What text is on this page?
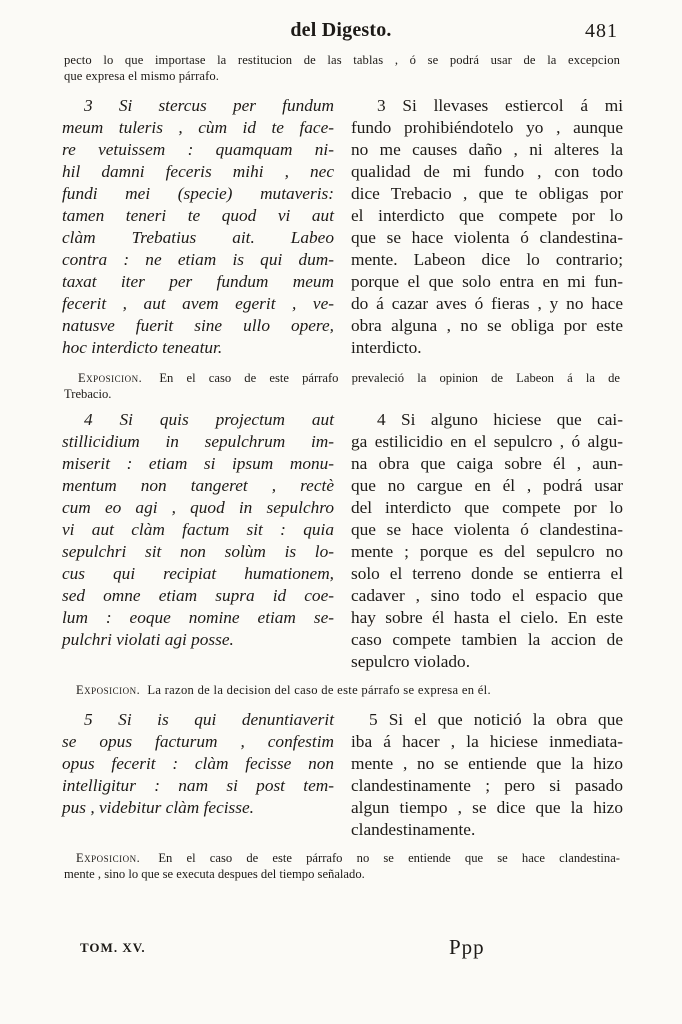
del Digesto.	481
pecto lo que importase la restitucion de las tablas , ó se podrá usar de la excepcion
que expresa el mismo párrafo.
3 Si stercus per fundum
meum tuleris , cùm id te face-
re vetuissem : quamquam ni-
hil damni feceris mihi , nec
fundi mei (specie) mutaveris:
tamen teneri te quod vi aut
clàm Trebatius ait. Labeo
contra : ne etiam is qui dum-
taxat iter per fundum meum
fecerit , aut avem egerit , ve-
natusve fuerit sine ullo opere,
hoc interdicto teneatur.
3 Si llevases estiercol á mi
fundo prohibiéndotelo yo , aunque
no me causes daño , ni alteres la
qualidad de mi fundo , con todo
dice Trebacio , que te obligas por
el interdicto que compete por lo
que se hace violenta ó clandestina-
mente. Labeon dice lo contrario;
porque el que solo entra en mi fun-
do á cazar aves ó fieras , y no hace
obra alguna , no se obliga por este
interdicto.
Exposicion. En el caso de este párrafo prevaleció la opinion de Labeon á la de
Trebacio.
4 Si quis projectum aut
stillicidium in sepulchrum im-
miserit : etiam si ipsum monu-
mentum non tangeret , rectè
cum eo agi , quod in sepulchro
vi aut clàm factum sit : quia
sepulchri sit non solùm is lo-
cus qui recipiat humationem,
sed omne etiam supra id coe-
lum : eoque nomine etiam se-
pulchri violati agi posse.
4 Si alguno hiciese que cai-
ga estilicidio en el sepulcro , ó algu-
na obra que caiga sobre él , aun-
que no cargue en él , podrá usar
del interdicto que compete por lo
que se hace violenta ó clandestina-
mente ; porque es del sepulcro no
solo el terreno donde se entierra el
cadaver , sino todo el espacio que
hay sobre él hasta el cielo. En este
caso compete tambien la accion de
sepulcro violado.
Exposicion. La razon de la decision del caso de este párrafo se expresa en él.
5 Si is qui denuntiaverit
se opus facturum , confestim
opus fecerit : clàm fecisse non
intelligitur : nam si post tem-
pus , videbitur clàm fecisse.
5 Si el que notició la obra que
iba á hacer , la hiciese inmediata-
mente , no se entiende que la hizo
clandestinamente ; pero si pasado
algun tiempo , se dice que la hizo
clandestinamente.
Exposicion. En el caso de este párrafo no se entiende que se hace clandestina-
mente , sino lo que se executa despues del tiempo señalado.
TOM. XV.	Ppp
